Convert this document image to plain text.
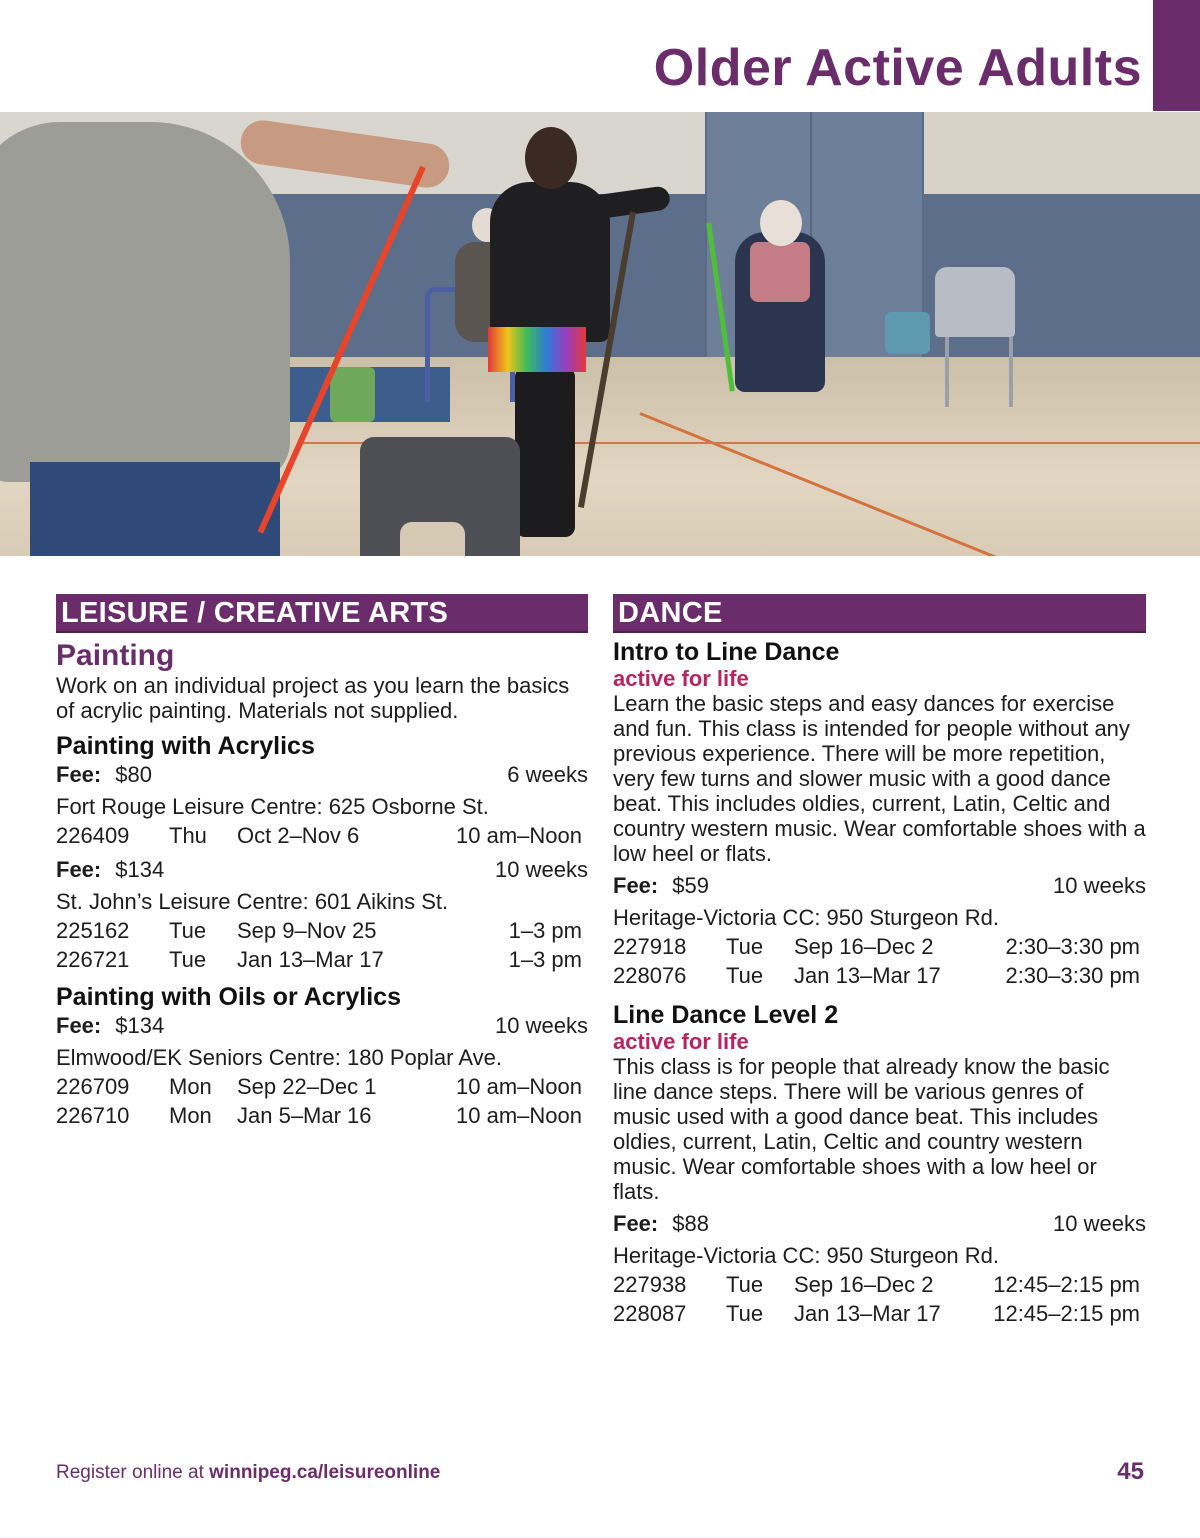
Older Active Adults
LEISURE / CREATIVE ARTS
Painting
Work on an individual project as you learn the basics of acrylic painting. Materials not supplied.
Painting with Acrylics
Fee: $80	6 weeks
Fort Rouge Leisure Centre: 625 Osborne St.
226409	Thu	Oct 2–Nov 6	10 am–Noon
Fee: $134	10 weeks
St. John’s Leisure Centre: 601 Aikins St.
225162	Tue	Sep 9–Nov 25	1–3 pm
226721	Tue	Jan 13–Mar 17	1–3 pm
Painting with Oils or Acrylics
Fee: $134	10 weeks
Elmwood/EK Seniors Centre: 180 Poplar Ave.
226709	Mon	Sep 22–Dec 1	10 am–Noon
226710	Mon	Jan 5–Mar 16	10 am–Noon
DANCE
Intro to Line Dance
active for life
Learn the basic steps and easy dances for exercise and fun. This class is intended for people without any previous experience. There will be more repetition, very few turns and slower music with a good dance beat. This includes oldies, current, Latin, Celtic and country western music. Wear comfortable shoes with a low heel or flats.
Fee: $59	10 weeks
Heritage-Victoria CC: 950 Sturgeon Rd.
227918	Tue	Sep 16–Dec 2	2:30–3:30 pm
228076	Tue	Jan 13–Mar 17	2:30–3:30 pm
Line Dance Level 2
active for life
This class is for people that already know the basic line dance steps. There will be various genres of music used with a good dance beat. This includes oldies, current, Latin, Celtic and country western music. Wear comfortable shoes with a low heel or flats.
Fee: $88	10 weeks
Heritage-Victoria CC: 950 Sturgeon Rd.
227938	Tue	Sep 16–Dec 2	12:45–2:15 pm
228087	Tue	Jan 13–Mar 17	12:45–2:15 pm
Register online at winnipeg.ca/leisureonline	45
